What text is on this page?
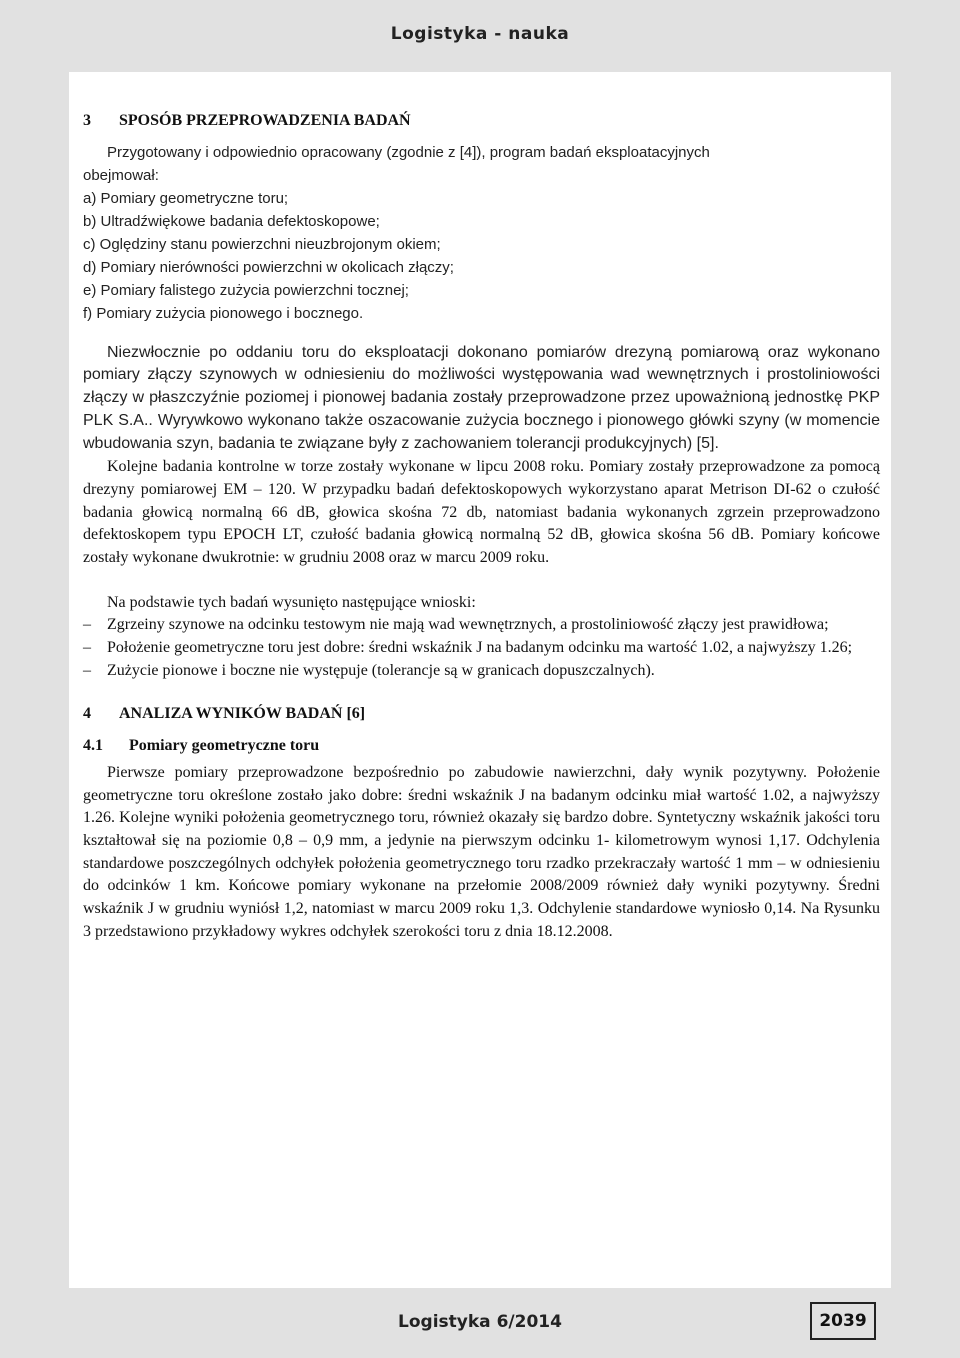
Logistyka - nauka

3 SPOSÓB PRZEPROWADZENIA BADAŃ

Przygotowany i odpowiednio opracowany (zgodnie z [4]), program badań eksploatacyjnych
obejmował:
a) Pomiary geometryczne toru;
b) Ultradźwiękowe badania defektoskopowe;
c) Oględziny stanu powierzchni nieuzbrojonym okiem;
d) Pomiary nierówności powierzchni w okolicach złączy;
e) Pomiary falistego zużycia powierzchni tocznej;
f) Pomiary zużycia pionowego i bocznego.

Niezwłocznie po oddaniu toru do eksploatacji dokonano pomiarów drezyną pomiarową oraz wykonano pomiary złączy szynowych w odniesieniu do możliwości występowania wad wewnętrznych i prostoliniowości złączy w płaszczyźnie poziomej i pionowej badania zostały przeprowadzone przez upoważnioną jednostkę PKP PLK S.A.. Wyrywkowo wykonano także oszacowanie zużycia bocznego i pionowego główki szyny (w momencie wbudowania szyn, badania te związane były z zachowaniem tolerancji produkcyjnych) [5].

Kolejne badania kontrolne w torze zostały wykonane w lipcu 2008 roku. Pomiary zostały przeprowadzone za pomocą drezyny pomiarowej EM – 120. W przypadku badań defektoskopowych wykorzystano aparat Metrison DI-62 o czułość badania głowicą normalną 66 dB, głowica skośna 72 db, natomiast badania wykonanych zgrzein przeprowadzono defektoskopem typu EPOCH LT, czułość badania głowicą normalną 52 dB, głowica skośna 56 dB. Pomiary końcowe zostały wykonane dwukrotnie: w grudniu 2008 oraz w marcu 2009 roku.

Na podstawie tych badań wysunięto następujące wnioski:

– Zgrzeiny szynowe na odcinku testowym nie mają wad wewnętrznych, a prostoliniowość złączy jest prawidłowa;
– Położenie geometryczne toru jest dobre: średni wskaźnik J na badanym odcinku ma wartość 1.02, a najwyższy 1.26;
– Zużycie pionowe i boczne nie występuje (tolerancje są w granicach dopuszczalnych).

4 ANALIZA WYNIKÓW BADAŃ [6]

4.1 Pomiary geometryczne toru

Pierwsze pomiary przeprowadzone bezpośrednio po zabudowie nawierzchni, dały wynik pozytywny. Położenie geometryczne toru określone zostało jako dobre: średni wskaźnik J na badanym odcinku miał wartość 1.02, a najwyższy 1.26. Kolejne wyniki położenia geometrycznego toru, również okazały się bardzo dobre. Syntetyczny wskaźnik jakości toru kształtował się na poziomie 0,8 – 0,9 mm, a jedynie na pierwszym odcinku 1- kilometrowym wynosi 1,17. Odchylenia standardowe poszczególnych odchyłek położenia geometrycznego toru rzadko przekraczały wartość 1 mm – w odniesieniu do odcinków 1 km. Końcowe pomiary wykonane na przełomie 2008/2009 również dały wyniki pozytywny. Średni wskaźnik J w grudniu wyniósł 1,2, natomiast w marcu 2009 roku 1,3. Odchylenie standardowe wyniosło 0,14. Na Rysunku 3 przedstawiono przykładowy wykres odchyłek szerokości toru z dnia 18.12.2008.

Logistyka 6/2014	2039
